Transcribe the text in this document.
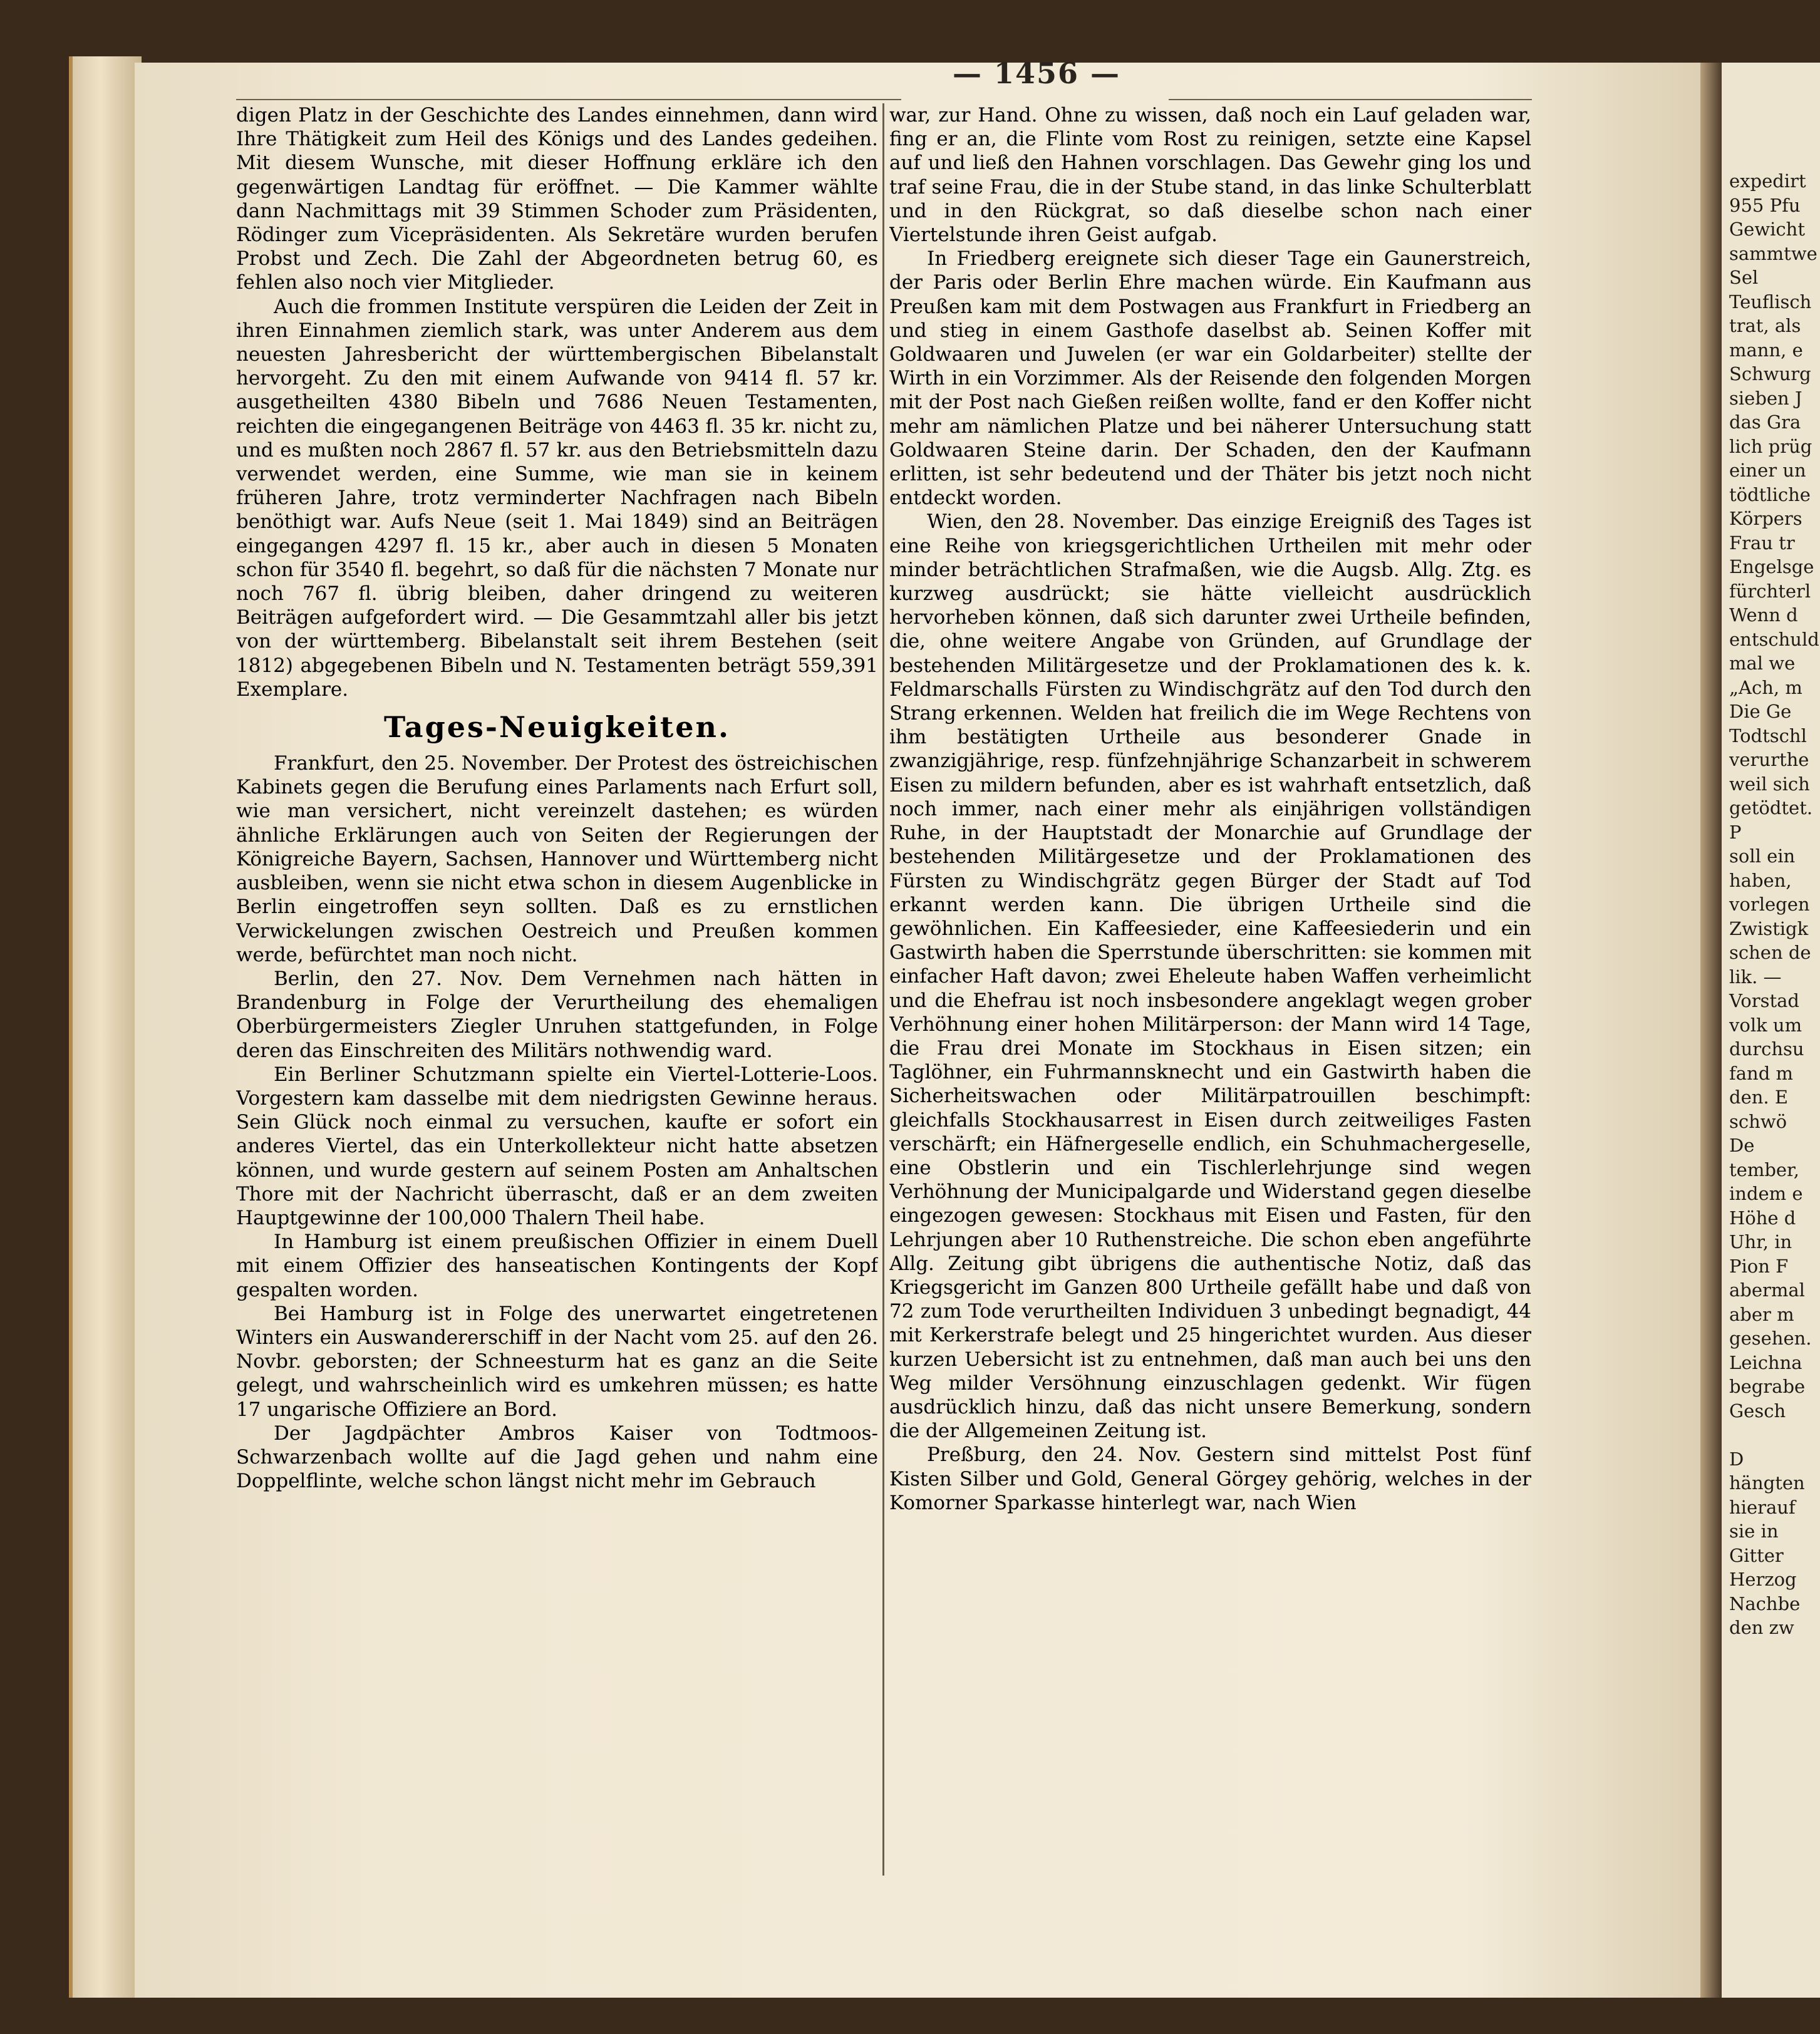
expedirt
955 Pfu
Gewicht
sammtwe
Sel
Teuflisch
trat, als
mann, e
Schwurg
sieben J
das Gra
lich prüg
einer un
tödtliche
Körpers
Frau tr
Engelsge
fürchterl
Wenn d
entschuld
mal we
„Ach, m
Die Ge
Todtschl
verurthe
weil sich
getödtet.
P
soll ein
haben,
vorlegen
Zwistigk
schen de
lik. —
Vorstad
volk um
durchsu
fand m
den. E
schwö
De
tember,
indem e
Höhe d
Uhr, in
Pion F
abermal
aber m
gesehen.
Leichna
begrabe
Gesch

D
hängten
hierauf
sie in
Gitter
Herzog
Nachbe
den zw
— 1456 —

digen Platz in der Geschichte des Landes einnehmen, dann wird Ihre Thätigkeit zum Heil des Königs und des Landes gedeihen. Mit diesem Wunsche, mit dieser Hoffnung erkläre ich den gegenwärtigen Landtag für eröffnet. — Die Kammer wählte dann Nachmittags mit 39 Stimmen Schoder zum Präsidenten, Rödinger zum Vicepräsidenten. Als Sekretäre wurden berufen Probst und Zech. Die Zahl der Abgeordneten betrug 60, es fehlen also noch vier Mitglieder.

Auch die frommen Institute verspüren die Leiden der Zeit in ihren Einnahmen ziemlich stark, was unter Anderem aus dem neuesten Jahresbericht der württembergischen Bibelanstalt hervorgeht. Zu den mit einem Aufwande von 9414 fl. 57 kr. ausgetheilten 4380 Bibeln und 7686 Neuen Testamenten, reichten die eingegangenen Beiträge von 4463 fl. 35 kr. nicht zu, und es mußten noch 2867 fl. 57 kr. aus den Betriebsmitteln dazu verwendet werden, eine Summe, wie man sie in keinem früheren Jahre, trotz verminderter Nachfragen nach Bibeln benöthigt war. Aufs Neue (seit 1. Mai 1849) sind an Beiträgen eingegangen 4297 fl. 15 kr., aber auch in diesen 5 Monaten schon für 3540 fl. begehrt, so daß für die nächsten 7 Monate nur noch 767 fl. übrig bleiben, daher dringend zu weiteren Beiträgen aufgefordert wird. — Die Gesammtzahl aller bis jetzt von der württemberg. Bibelanstalt seit ihrem Bestehen (seit 1812) abgegebenen Bibeln und N. Testamenten beträgt 559,391 Exemplare.

Tages-Neuigkeiten.

Frankfurt, den 25. November. Der Protest des östreichischen Kabinets gegen die Berufung eines Parlaments nach Erfurt soll, wie man versichert, nicht vereinzelt dastehen; es würden ähnliche Erklärungen auch von Seiten der Regierungen der Königreiche Bayern, Sachsen, Hannover und Württemberg nicht ausbleiben, wenn sie nicht etwa schon in diesem Augenblicke in Berlin eingetroffen seyn sollten. Daß es zu ernstlichen Verwickelungen zwischen Oestreich und Preußen kommen werde, befürchtet man noch nicht.

Berlin, den 27. Nov. Dem Vernehmen nach hätten in Brandenburg in Folge der Verurtheilung des ehemaligen Oberbürgermeisters Ziegler Unruhen stattgefunden, in Folge deren das Einschreiten des Militärs nothwendig ward.

Ein Berliner Schutzmann spielte ein Viertel-Lotterie-Loos. Vorgestern kam dasselbe mit dem niedrigsten Gewinne heraus. Sein Glück noch einmal zu versuchen, kaufte er sofort ein anderes Viertel, das ein Unterkollekteur nicht hatte absetzen können, und wurde gestern auf seinem Posten am Anhaltschen Thore mit der Nachricht überrascht, daß er an dem zweiten Hauptgewinne der 100,000 Thalern Theil habe.

In Hamburg ist einem preußischen Offizier in einem Duell mit einem Offizier des hanseatischen Kontingents der Kopf gespalten worden.

Bei Hamburg ist in Folge des unerwartet eingetretenen Winters ein Auswandererschiff in der Nacht vom 25. auf den 26. Novbr. geborsten; der Schneesturm hat es ganz an die Seite gelegt, und wahrscheinlich wird es umkehren müssen; es hatte 17 ungarische Offiziere an Bord.

Der Jagdpächter Ambros Kaiser von Todtmoos-Schwarzenbach wollte auf die Jagd gehen und nahm eine Doppelflinte, welche schon längst nicht mehr im Gebrauch

war, zur Hand. Ohne zu wissen, daß noch ein Lauf geladen war, fing er an, die Flinte vom Rost zu reinigen, setzte eine Kapsel auf und ließ den Hahnen vorschlagen. Das Gewehr ging los und traf seine Frau, die in der Stube stand, in das linke Schulterblatt und in den Rückgrat, so daß dieselbe schon nach einer Viertelstunde ihren Geist aufgab.

In Friedberg ereignete sich dieser Tage ein Gaunerstreich, der Paris oder Berlin Ehre machen würde. Ein Kaufmann aus Preußen kam mit dem Postwagen aus Frankfurt in Friedberg an und stieg in einem Gasthofe daselbst ab. Seinen Koffer mit Goldwaaren und Juwelen (er war ein Goldarbeiter) stellte der Wirth in ein Vorzimmer. Als der Reisende den folgenden Morgen mit der Post nach Gießen reißen wollte, fand er den Koffer nicht mehr am nämlichen Platze und bei näherer Untersuchung statt Goldwaaren Steine darin. Der Schaden, den der Kaufmann erlitten, ist sehr bedeutend und der Thäter bis jetzt noch nicht entdeckt worden.

Wien, den 28. November. Das einzige Ereigniß des Tages ist eine Reihe von kriegsgerichtlichen Urtheilen mit mehr oder minder beträchtlichen Strafmaßen, wie die Augsb. Allg. Ztg. es kurzweg ausdrückt; sie hätte vielleicht ausdrücklich hervorheben können, daß sich darunter zwei Urtheile befinden, die, ohne weitere Angabe von Gründen, auf Grundlage der bestehenden Militärgesetze und der Proklamationen des k. k. Feldmarschalls Fürsten zu Windischgrätz auf den Tod durch den Strang erkennen. Welden hat freilich die im Wege Rechtens von ihm bestätigten Urtheile aus besonderer Gnade in zwanzigjährige, resp. fünfzehnjährige Schanzarbeit in schwerem Eisen zu mildern befunden, aber es ist wahrhaft entsetzlich, daß noch immer, nach einer mehr als einjährigen vollständigen Ruhe, in der Hauptstadt der Monarchie auf Grundlage der bestehenden Militärgesetze und der Proklamationen des Fürsten zu Windischgrätz gegen Bürger der Stadt auf Tod erkannt werden kann. Die übrigen Urtheile sind die gewöhnlichen. Ein Kaffeesieder, eine Kaffeesiederin und ein Gastwirth haben die Sperrstunde überschritten: sie kommen mit einfacher Haft davon; zwei Eheleute haben Waffen verheimlicht und die Ehefrau ist noch insbesondere angeklagt wegen grober Verhöhnung einer hohen Militärperson: der Mann wird 14 Tage, die Frau drei Monate im Stockhaus in Eisen sitzen; ein Taglöhner, ein Fuhrmannsknecht und ein Gastwirth haben die Sicherheitswachen oder Militärpatrouillen beschimpft: gleichfalls Stockhausarrest in Eisen durch zeitweiliges Fasten verschärft; ein Häfnergeselle endlich, ein Schuhmachergeselle, eine Obstlerin und ein Tischlerlehrjunge sind wegen Verhöhnung der Municipalgarde und Widerstand gegen dieselbe eingezogen gewesen: Stockhaus mit Eisen und Fasten, für den Lehrjungen aber 10 Ruthenstreiche. Die schon eben angeführte Allg. Zeitung gibt übrigens die authentische Notiz, daß das Kriegsgericht im Ganzen 800 Urtheile gefällt habe und daß von 72 zum Tode verurtheilten Individuen 3 unbedingt begnadigt, 44 mit Kerkerstrafe belegt und 25 hingerichtet wurden. Aus dieser kurzen Uebersicht ist zu entnehmen, daß man auch bei uns den Weg milder Versöhnung einzuschlagen gedenkt. Wir fügen ausdrücklich hinzu, daß das nicht unsere Bemerkung, sondern die der Allgemeinen Zeitung ist.

Preßburg, den 24. Nov. Gestern sind mittelst Post fünf Kisten Silber und Gold, General Görgey gehörig, welches in der Komorner Sparkasse hinterlegt war, nach Wien
